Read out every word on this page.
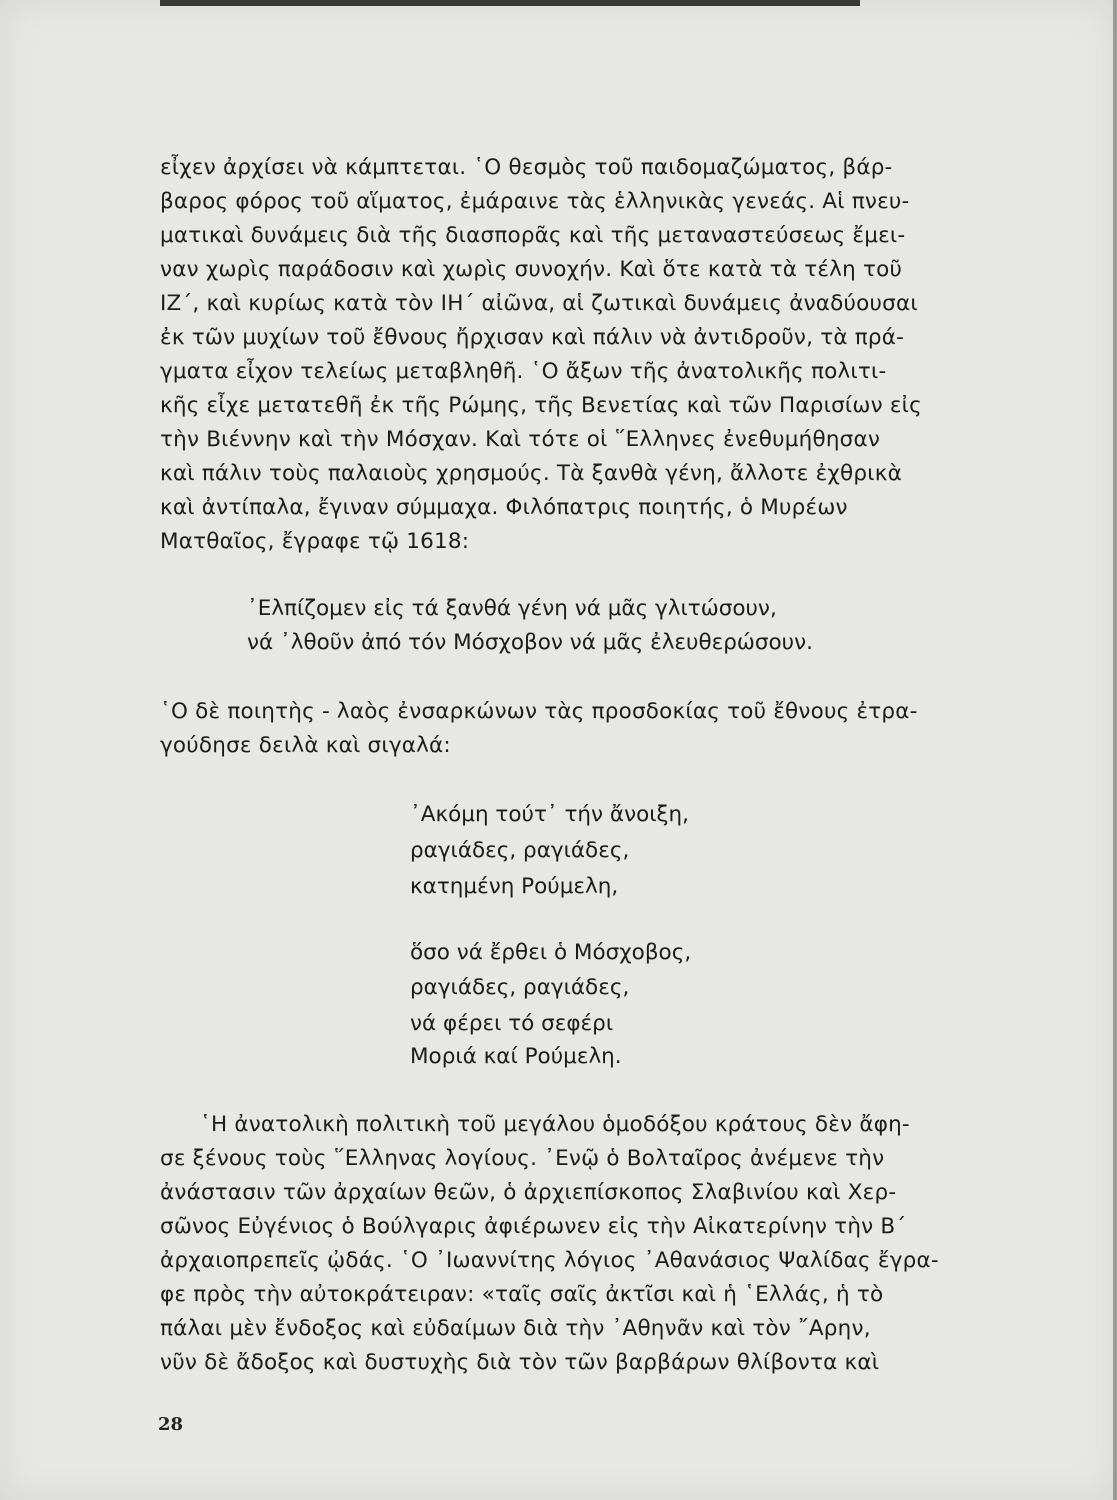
εἶχεν ἀρχίσει νὰ κάμπτεται. ῾Ο θεσμὸς τοῦ παιδομαζώματος, βάρ-
βαρος φόρος τοῦ αἵματος, ἐμάραινε τὰς ἑλληνικὰς γενεάς. Αἱ πνευ-
ματικαὶ δυνάμεις διὰ τῆς διασπορᾶς καὶ τῆς μεταναστεύσεως ἔμει-
ναν χωρὶς παράδοσιν καὶ χωρὶς συνοχήν. Καὶ ὅτε κατὰ τὰ τέλη τοῦ
ΙΖ´, καὶ κυρίως κατὰ τὸν ΙΗ´ αἰῶνα, αἱ ζωτικαὶ δυνάμεις ἀναδύουσαι
ἐκ τῶν μυχίων τοῦ ἔθνους ἤρχισαν καὶ πάλιν νὰ ἀντιδροῦν, τὰ πρά-
γματα εἶχον τελείως μεταβληθῆ. ῾Ο ἄξων τῆς ἀνατολικῆς πολιτι-
κῆς εἶχε μετατεθῆ ἐκ τῆς Ρώμης, τῆς Βενετίας καὶ τῶν Παρισίων εἰς
τὴν Βιέννην καὶ τὴν Μόσχαν. Καὶ τότε οἱ ῞Ελληνες ἐνεθυμήθησαν
καὶ πάλιν τοὺς παλαιοὺς χρησμούς. Τὰ ξανθὰ γένη, ἄλλοτε ἐχθρικὰ
καὶ ἀντίπαλα, ἔγιναν σύμμαχα. Φιλόπατρις ποιητής, ὁ Μυρέων
Ματθαῖος, ἔγραφε τῷ 1618:
᾿Ελπίζομεν εἰς τά ξανθά γένη νά μᾶς γλιτώσουν,
νά ᾿λθοῦν ἀπό τόν Μόσχοβον νά μᾶς ἐλευθερώσουν.
῾Ο δὲ ποιητὴς - λαὸς ἐνσαρκώνων τὰς προσδοκίας τοῦ ἔθνους ἐτρα-
γούδησε δειλὰ καὶ σιγαλά:
᾿Ακόμη τούτ᾿ τήν ἄνοιξη,
ραγιάδες, ραγιάδες,
κατημένη Ρούμελη,
ὅσο νά ἔρθει ὁ Μόσχοβος,
ραγιάδες, ραγιάδες,
νά φέρει τό σεφέρι
Μοριά καί Ρούμελη.
῾Η ἀνατολικὴ πολιτικὴ τοῦ μεγάλου ὁμοδόξου κράτους δὲν ἄφη-
σε ξένους τοὺς ῞Ελληνας λογίους. ᾿Ενῷ ὁ Βολταῖρος ἀνέμενε τὴν
ἀνάστασιν τῶν ἀρχαίων θεῶν, ὁ ἀρχιεπίσκοπος Σλαβινίου καὶ Χερ-
σῶνος Εὐγένιος ὁ Βούλγαρις ἀφιέρωνεν εἰς τὴν Αἰκατερίνην τὴν Β´
ἀρχαιοπρεπεῖς ᾠδάς. ῾Ο ᾿Ιωαννίτης λόγιος ᾿Αθανάσιος Ψαλίδας ἔγρα-
φε πρὸς τὴν αὐτοκράτειραν: «ταῖς σαῖς ἀκτῖσι καὶ ἡ ῾Ελλάς, ἡ τὸ
πάλαι μὲν ἔνδοξος καὶ εὐδαίμων διὰ τὴν ᾿Αθηνᾶν καὶ τὸν ῎Αρην,
νῦν δὲ ἄδοξος καὶ δυστυχὴς διὰ τὸν τῶν βαρβάρων θλίβοντα καὶ
28
